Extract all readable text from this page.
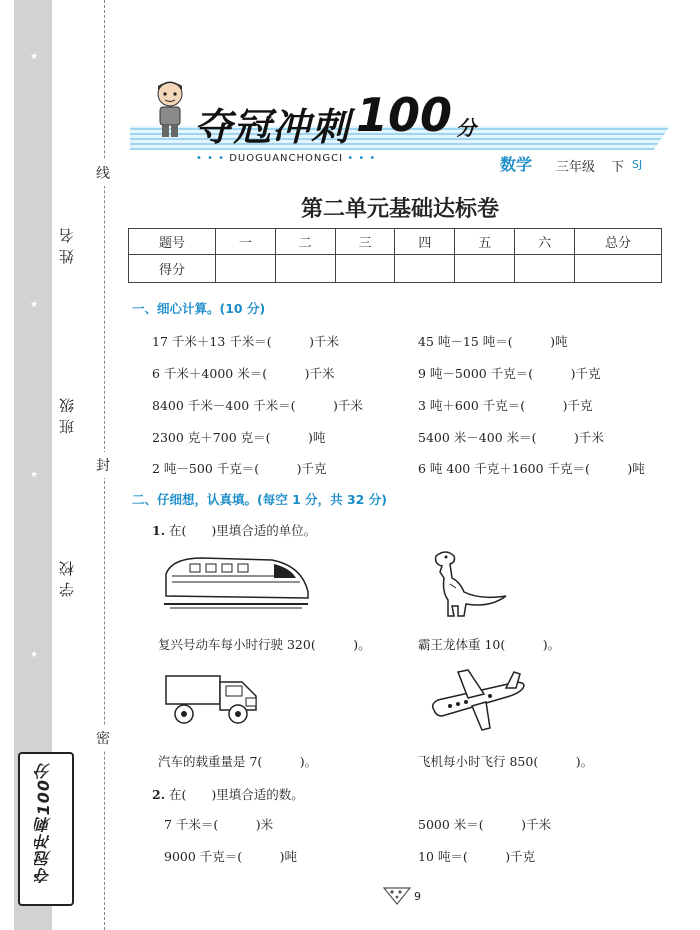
★
★
★
★
线
封
密
姓名
班级
学校
夺冠冲刺100分
夺冠冲刺 100 分
• • • DUOGUANCHONGCI • • •	数学 三年级 下 SJ
第二单元基础达标卷
题号	一	二	三	四	五	六	总分
得分							
一、细心计算。(10 分)
17 千米＋13 千米＝(　　　)千米
6 千米＋4000 米＝(　　　)千米
8400 千米－400 千米＝(　　　)千米
2300 克＋700 克＝(　　　)吨
2 吨－500 千克＝(　　　)千克
45 吨－15 吨＝(　　　)吨
9 吨－5000 千克＝(　　　)千克
3 吨＋600 千克＝(　　　)千克
5400 米－400 米＝(　　　)千米
6 吨 400 千克＋1600 千克＝(　　　)吨
二、仔细想，认真填。(每空 1 分，共 32 分)
1. 在(　　)里填合适的单位。
复兴号动车每小时行驶 320(　　　)。	霸王龙体重 10(　　　)。
汽车的载重量是 7(　　　)。	飞机每小时飞行 850(　　　)。
2. 在(　　)里填合适的数。
7 千米＝(　　　)米
9000 千克＝(　　　)吨
5000 米＝(　　　)千米
10 吨＝(　　　)千克
9
